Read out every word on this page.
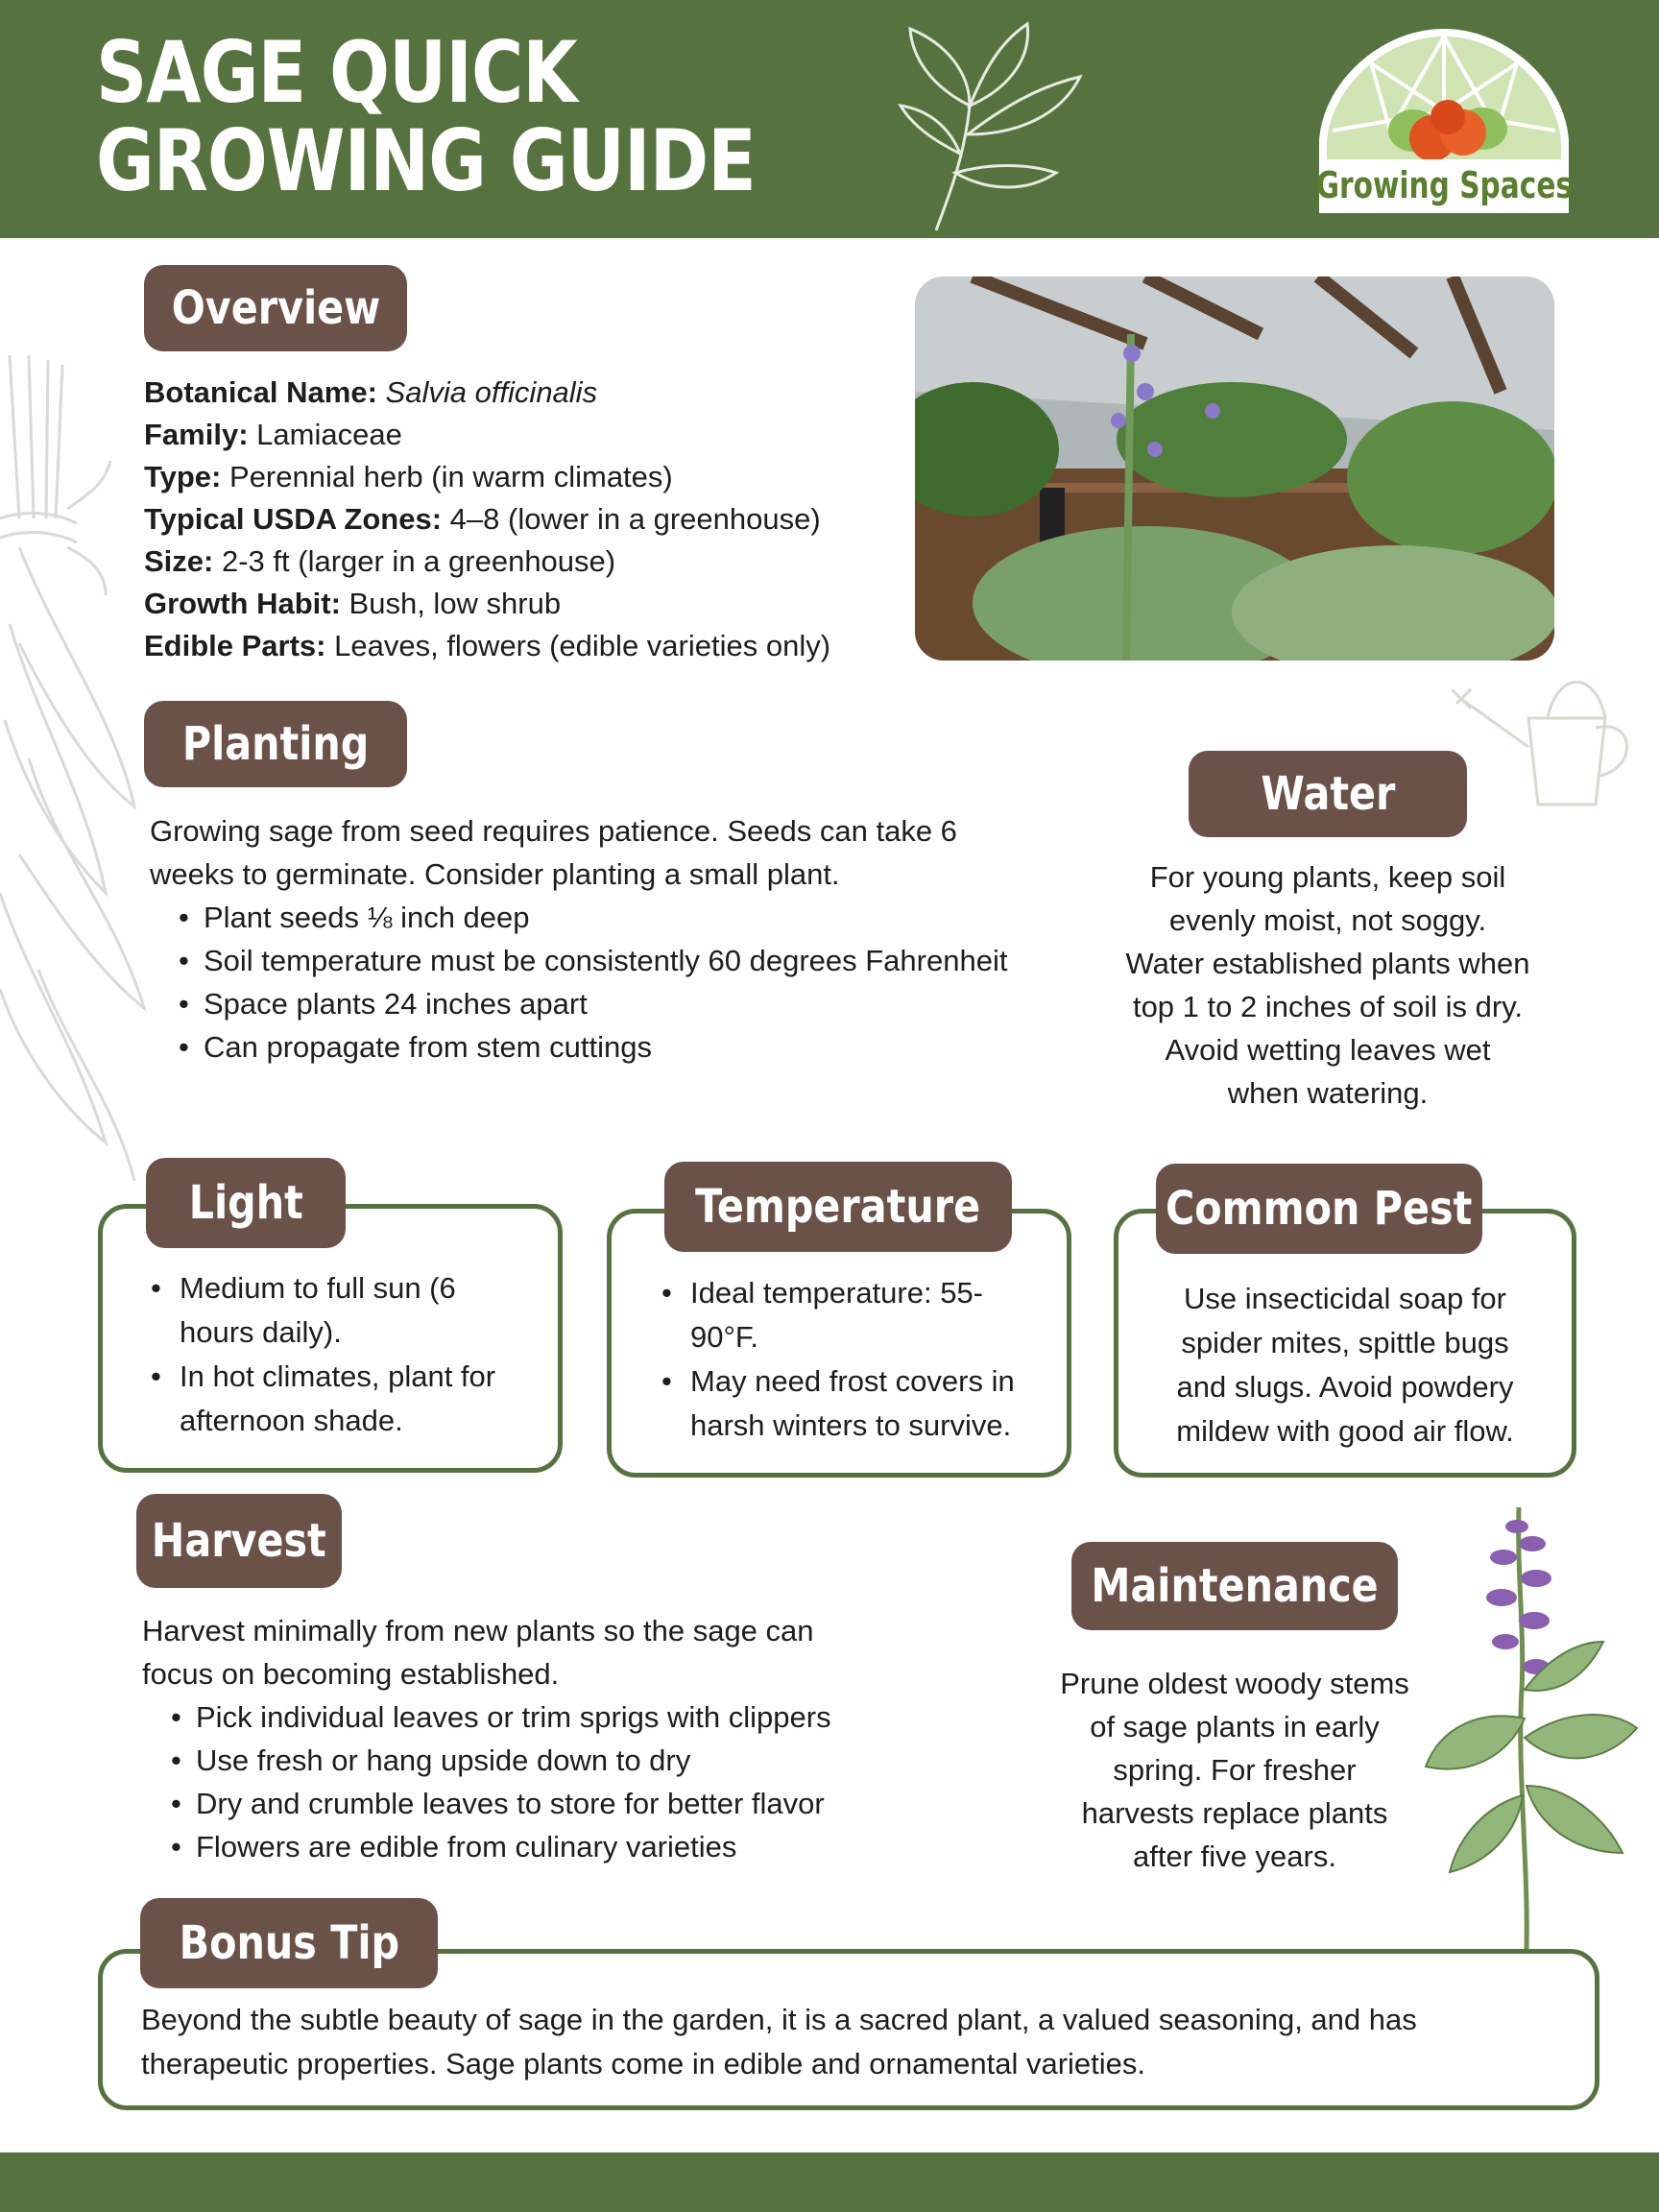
SAGE QUICK
GROWING GUIDE	Growing Spaces
Overview
Botanical Name: Salvia officinalis
Family: Lamiaceae
Type: Perennial herb (in warm climates)
Typical USDA Zones: 4–8 (lower in a greenhouse)
Size: 2-3 ft (larger in a greenhouse)
Growth Habit: Bush, low shrub
Edible Parts: Leaves, flowers (edible varieties only)
Planting
Growing sage from seed requires patience. Seeds can take 6
weeks to germinate. Consider planting a small plant.
• Plant seeds ⅛ inch deep
• Soil temperature must be consistently 60 degrees Fahrenheit
• Space plants 24 inches apart
• Can propagate from stem cuttings
Water
For young plants, keep soil
evenly moist, not soggy.
Water established plants when
top 1 to 2 inches of soil is dry.
Avoid wetting leaves wet
when watering.
• Medium to full sun (6 hours daily).
• In hot climates, plant for afternoon shade.
Light
• Ideal temperature: 55-90°F.
• May need frost covers in harsh winters to survive.
Temperature
Use insecticidal soap for
spider mites, spittle bugs
and slugs. Avoid powdery
mildew with good air flow.
Common Pest
Harvest
Harvest minimally from new plants so the sage can
focus on becoming established.
• Pick individual leaves or trim sprigs with clippers
• Use fresh or hang upside down to dry
• Dry and crumble leaves to store for better flavor
• Flowers are edible from culinary varieties
Maintenance
Prune oldest woody stems
of sage plants in early
spring. For fresher
harvests replace plants
after five years.
Beyond the subtle beauty of sage in the garden, it is a sacred plant, a valued seasoning, and has
therapeutic properties. Sage plants come in edible and ornamental varieties.
Bonus Tip
